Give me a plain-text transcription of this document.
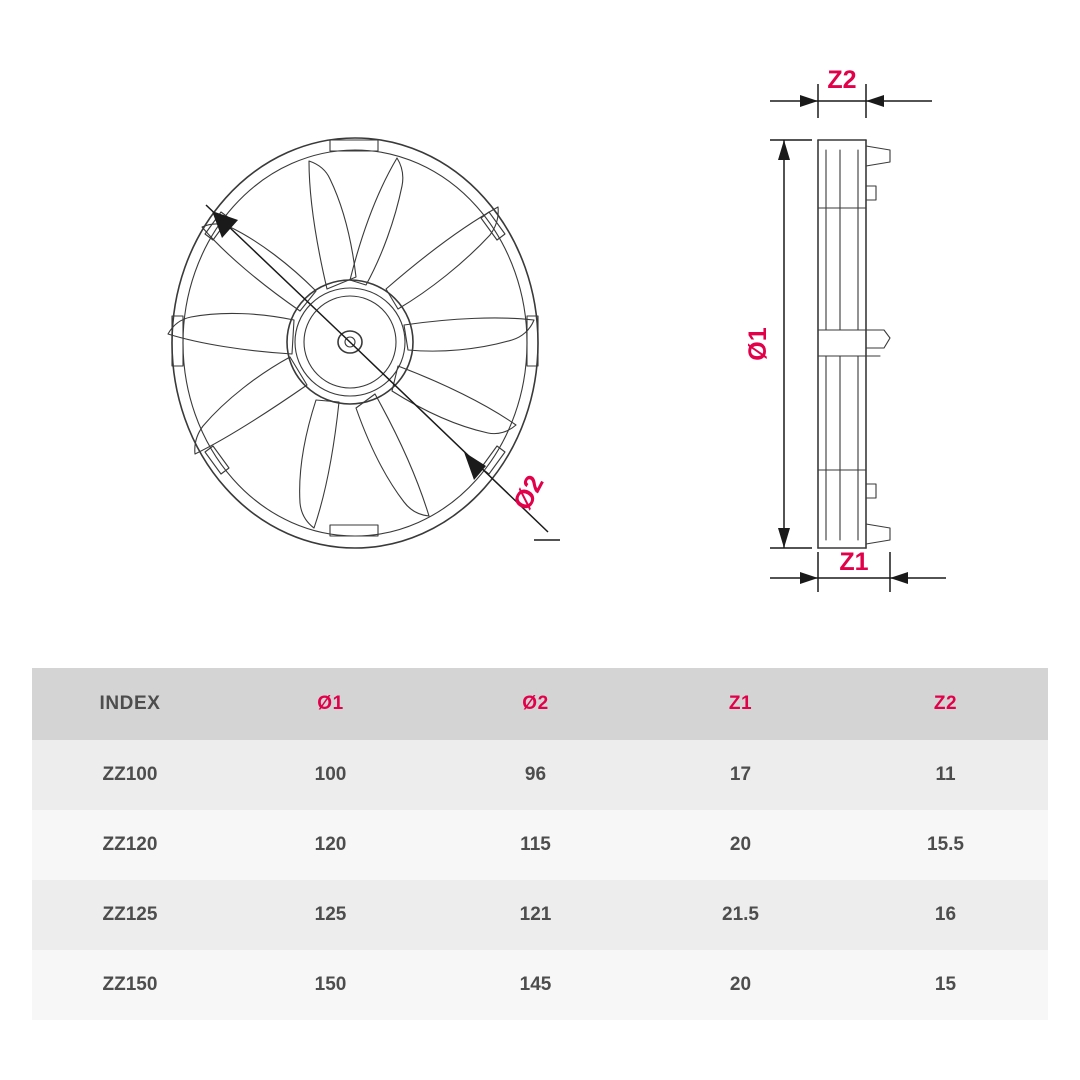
Ø2
Z2
Ø1
Z1
INDEX	Ø1	Ø2	Z1	Z2
ZZ100	100	96	17	11
ZZ120	120	115	20	15.5
ZZ125	125	121	21.5	16
ZZ150	150	145	20	15
